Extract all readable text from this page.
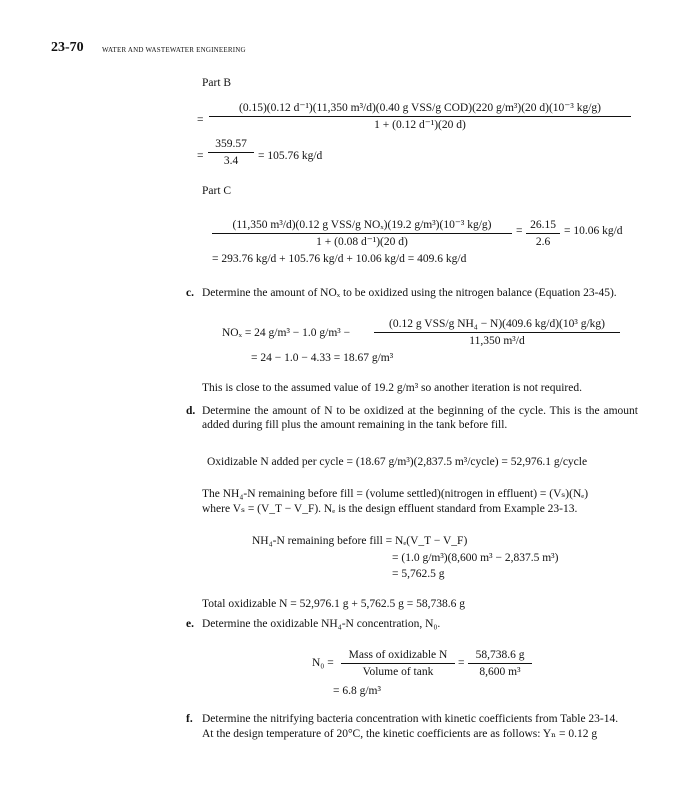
23-70	WATER AND WASTEWATER ENGINEERING
Part B
=
(0.15)(0.12 d⁻¹)(11,350 m³/d)(0.40 g VSS/g COD)(220 g/m³)(20 d)(10⁻³ kg/g)
1 + (0.12 d⁻¹)(20 d)
= $\frac{359.57}{3.4} = 105.76$ kg/d
Part C
(11,350 m³/d)(0.12 g VSS/g NOₓ)(19.2 g/m³)(10⁻³ kg/g)
1 + (0.08 d⁻¹)(20 d)
= $\frac{26.15}{2.6} = 10.06$ kg/d
= 293.76 kg/d + 105.76 kg/d + 10.06 kg/d = 409.6 kg/d
c. Determine the amount of NOₓ to be oxidized using the nitrogen balance (Equation 23-45).
NOₓ = 24 g/m³ − 1.0 g/m³ −
(0.12 g VSS/g NH₄ − N)(409.6 kg/d)(10³ g/kg)
11,350 m³/d
= 24 − 1.0 − 4.33 = 18.67 g/m³
This is close to the assumed value of 19.2 g/m³ so another iteration is not required.
d. Determine the amount of N to be oxidized at the beginning of the cycle. This is the amount added during fill plus the amount remaining in the tank before fill.
Oxidizable N added per cycle = (18.67 g/m³)(2,837.5 m³/cycle) = 52,976.1 g/cycle
The NH₄-N remaining before fill = (volume settled)(nitrogen in effluent) = (Vₛ)(Nₑ)
where Vₛ = (V_T − V_F). Nₑ is the design effluent standard from Example 23-13.
NH₄-N remaining before fill = Nₑ(V_T − V_F)
= (1.0 g/m³)(8,600 m³ − 2,837.5 m³)
= 5,762.5 g
Total oxidizable N = 52,976.1 g + 5,762.5 g = 58,738.6 g
e. Determine the oxidizable NH₄-N concentration, N₀.
N₀ =
Mass of oxidizable N
Volume of tank
= $\frac{58,738.6 g}{\text{8,600 m³}}$
= 6.8 g/m³
f. Determine the nitrifying bacteria concentration with kinetic coefficients from Table 23-14.
At the design temperature of 20°C, the kinetic coefficients are as follows: Yₙ = 0.12 g
